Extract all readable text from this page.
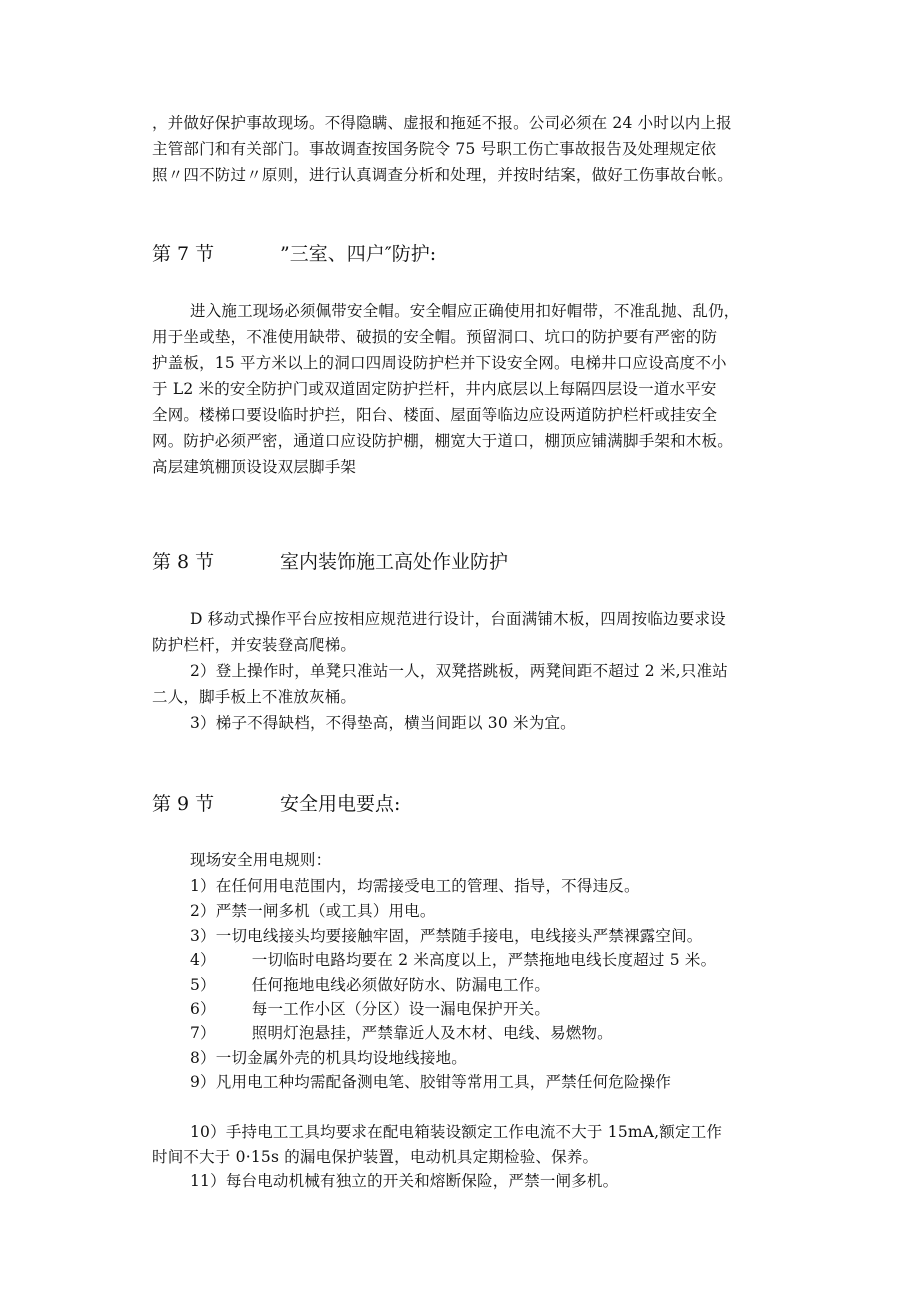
，并做好保护事故现场。不得隐瞒、虚报和拖延不报。公司必须在 24 小时以内上报
主管部门和有关部门。事故调查按国务院令 75 号职工伤亡事故报告及处理规定依
照〃四不防过〃原则，进行认真调查分析和处理，并按时结案，做好工伤事故台帐。
第 7 节	”三室、四户″防护:
进入施工现场必须佩带安全帽。安全帽应正确使用扣好帽带，不准乱抛、乱仍，
用于坐或垫，不准使用缺带、破损的安全帽。预留洞口、坑口的防护要有严密的防
护盖板，15 平方米以上的洞口四周设防护栏并下设安全网。电梯井口应设高度不小
于 L2 米的安全防护门或双道固定防护拦杆，井内底层以上每隔四层设一道水平安
全网。楼梯口要设临时护拦，阳台、楼面、屋面等临边应设两道防护栏杆或挂安全
网。防护必须严密，通道口应设防护棚，棚宽大于道口，棚顶应铺满脚手架和木板。
高层建筑棚顶设设双层脚手架
第 8 节	室内装饰施工高处作业防护
D 移动式操作平台应按相应规范进行设计，台面满铺木板，四周按临边要求设
防护栏杆，并安装登高爬梯。
2）登上操作时，单凳只准站一人，双凳搭跳板，两凳间距不超过 2 米,只准站
二人，脚手板上不准放灰桶。
3）梯子不得缺档，不得垫高，横当间距以 30 米为宜。
第 9 节	安全用电要点:
现场安全用电规则：
1）在任何用电范围内，均需接受电工的管理、指导，不得违反。
2）严禁一闸多机（或工具）用电。
3）一切电线接头均要接触牢固，严禁随手接电，电线接头严禁裸露空间。
4） 一切临时电路均要在 2 米高度以上，严禁拖地电线长度超过 5 米。
5） 任何拖地电线必须做好防水、防漏电工作。
6） 每一工作小区（分区）设一漏电保护开关。
7） 照明灯泡悬挂，严禁靠近人及木材、电线、易燃物。
8）一切金属外壳的机具均设地线接地。
9）凡用电工种均需配备测电笔、胶钳等常用工具，严禁任何危险操作
10）手持电工工具均要求在配电箱装设额定工作电流不大于 15mA,额定工作
时间不大于 0·15s 的漏电保护装置，电动机具定期检验、保养。
11）每台电动机械有独立的开关和熔断保险，严禁一闸多机。
